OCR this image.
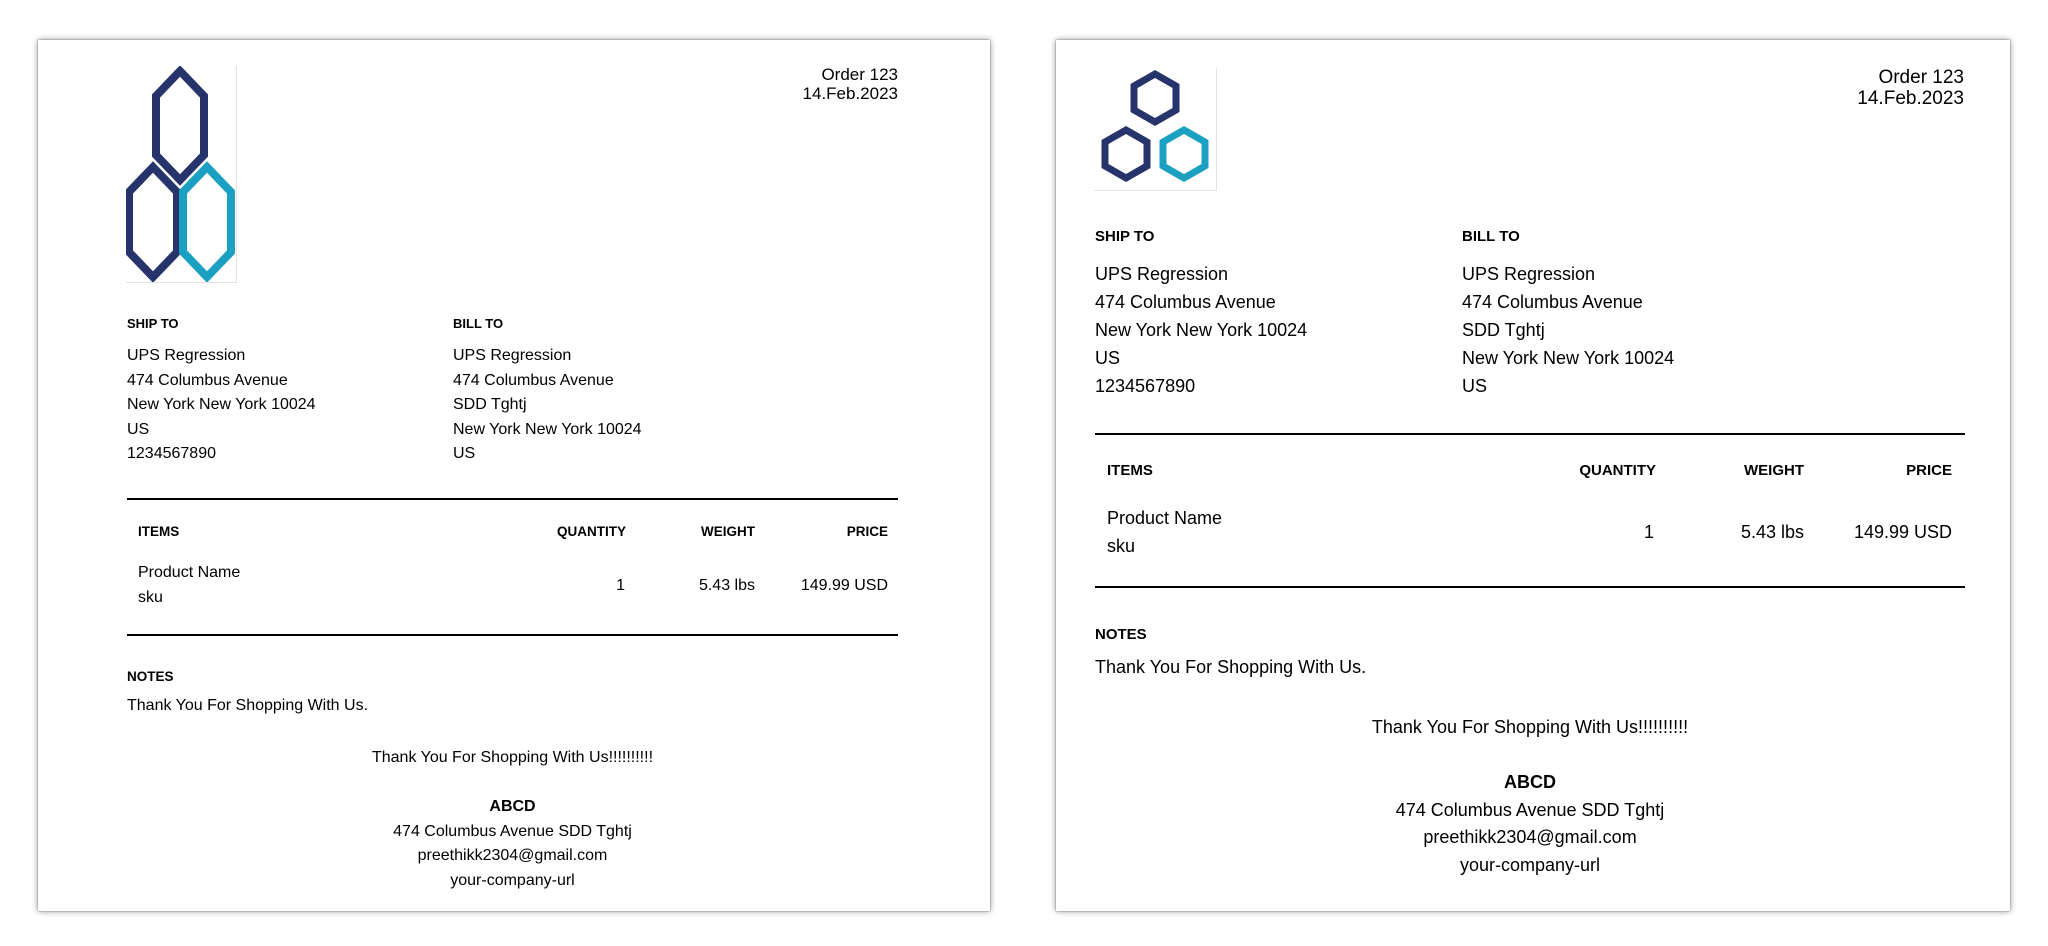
Order 123
14.Feb.2023
SHIP TO
UPS Regression
474 Columbus Avenue
New York New York 10024
US
1234567890
BILL TO
UPS Regression
474 Columbus Avenue
SDD Tghtj
New York New York 10024
US
ITEMS	QUANTITY	WEIGHT	PRICE
Product Name
sku
1	5.43 lbs	149.99 USD
NOTES
Thank You For Shopping With Us.
Thank You For Shopping With Us!!!!!!!!!!
ABCD
474 Columbus Avenue SDD Tghtj
preethikk2304@gmail.com
your-company-url
Order 123
14.Feb.2023
SHIP TO
UPS Regression
474 Columbus Avenue
New York New York 10024
US
1234567890
BILL TO
UPS Regression
474 Columbus Avenue
SDD Tghtj
New York New York 10024
US
ITEMS	QUANTITY	WEIGHT	PRICE
Product Name
sku
1	5.43 lbs	149.99 USD
NOTES
Thank You For Shopping With Us.
Thank You For Shopping With Us!!!!!!!!!!
ABCD
474 Columbus Avenue SDD Tghtj
preethikk2304@gmail.com
your-company-url
